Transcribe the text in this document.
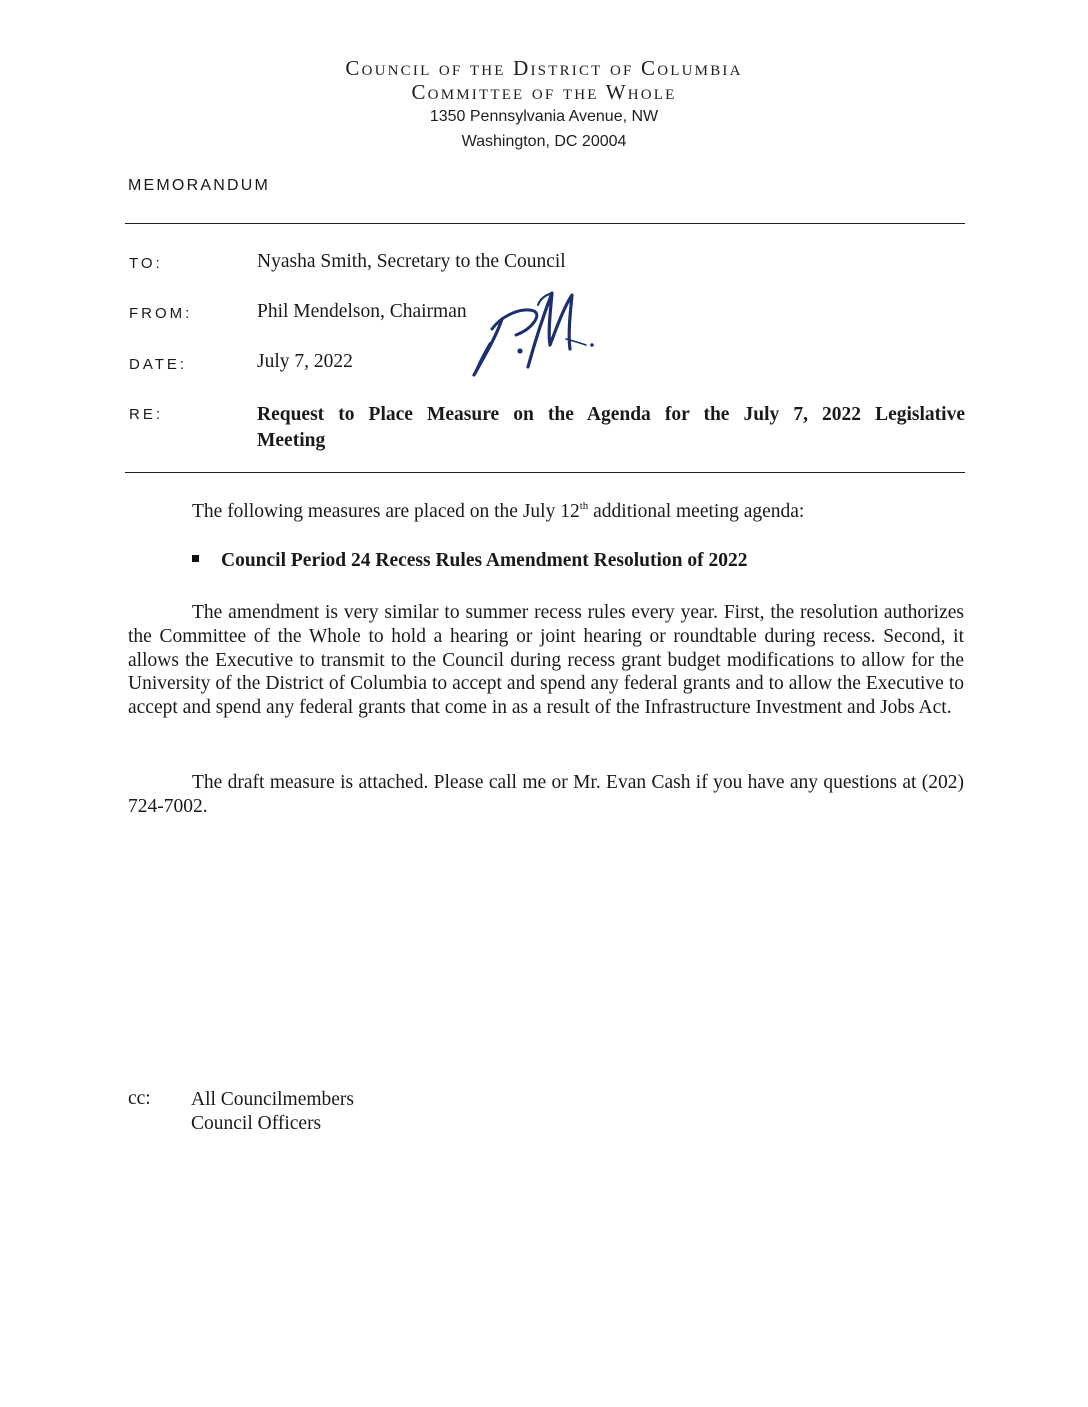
Council of the District of Columbia
Committee of the Whole
1350 Pennsylvania Avenue, NW
Washington, DC 20004
MEMORANDUM
TO:	Nyasha Smith, Secretary to the Council
FROM:	Phil Mendelson, Chairman
DATE:	July 7, 2022
RE:	Request to Place Measure on the Agenda for the July 7, 2022 Legislative
Meeting
The following measures are placed on the July 12th additional meeting agenda:
Council Period 24 Recess Rules Amendment Resolution of 2022
The amendment is very similar to summer recess rules every year. First, the resolution authorizes the Committee of the Whole to hold a hearing or joint hearing or roundtable during recess. Second, it allows the Executive to transmit to the Council during recess grant budget modifications to allow for the University of the District of Columbia to accept and spend any federal grants and to allow the Executive to accept and spend any federal grants that come in as a result of the Infrastructure Investment and Jobs Act.
The draft measure is attached. Please call me or Mr. Evan Cash if you have any questions at (202) 724-7002.
cc: All Councilmembers
Council Officers
